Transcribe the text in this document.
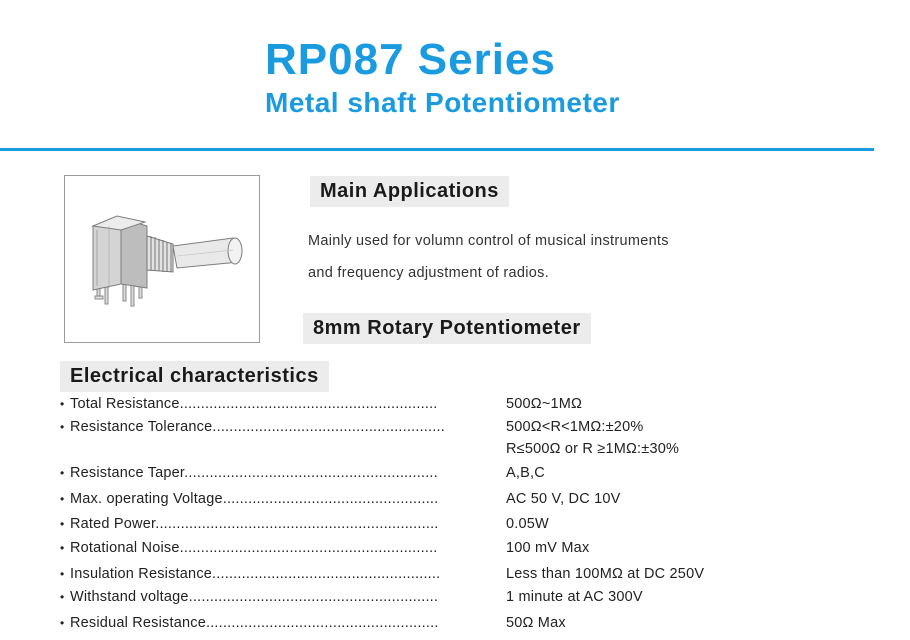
RP087 Series
Metal shaft Potentiometer
Main Applications
Mainly used for volumn control of musical instruments
and frequency adjustment of radios.
8mm Rotary Potentiometer
Electrical characteristics
• Total Resistance.............................................................	500Ω~1MΩ
• Resistance Tolerance.......................................................	500Ω<R<1MΩ:±20%
R≤500Ω or R ≥1MΩ:±30%
• Resistance Taper............................................................	A,B,C
• Max. operating Voltage...................................................	AC 50 V, DC 10V
• Rated Power...................................................................	0.05W
• Rotational Noise.............................................................	100 mV Max
• Insulation Resistance......................................................	Less than 100MΩ at DC 250V
• Withstand voltage...........................................................	1 minute at AC 300V
• Residual Resistance.......................................................	50Ω Max
